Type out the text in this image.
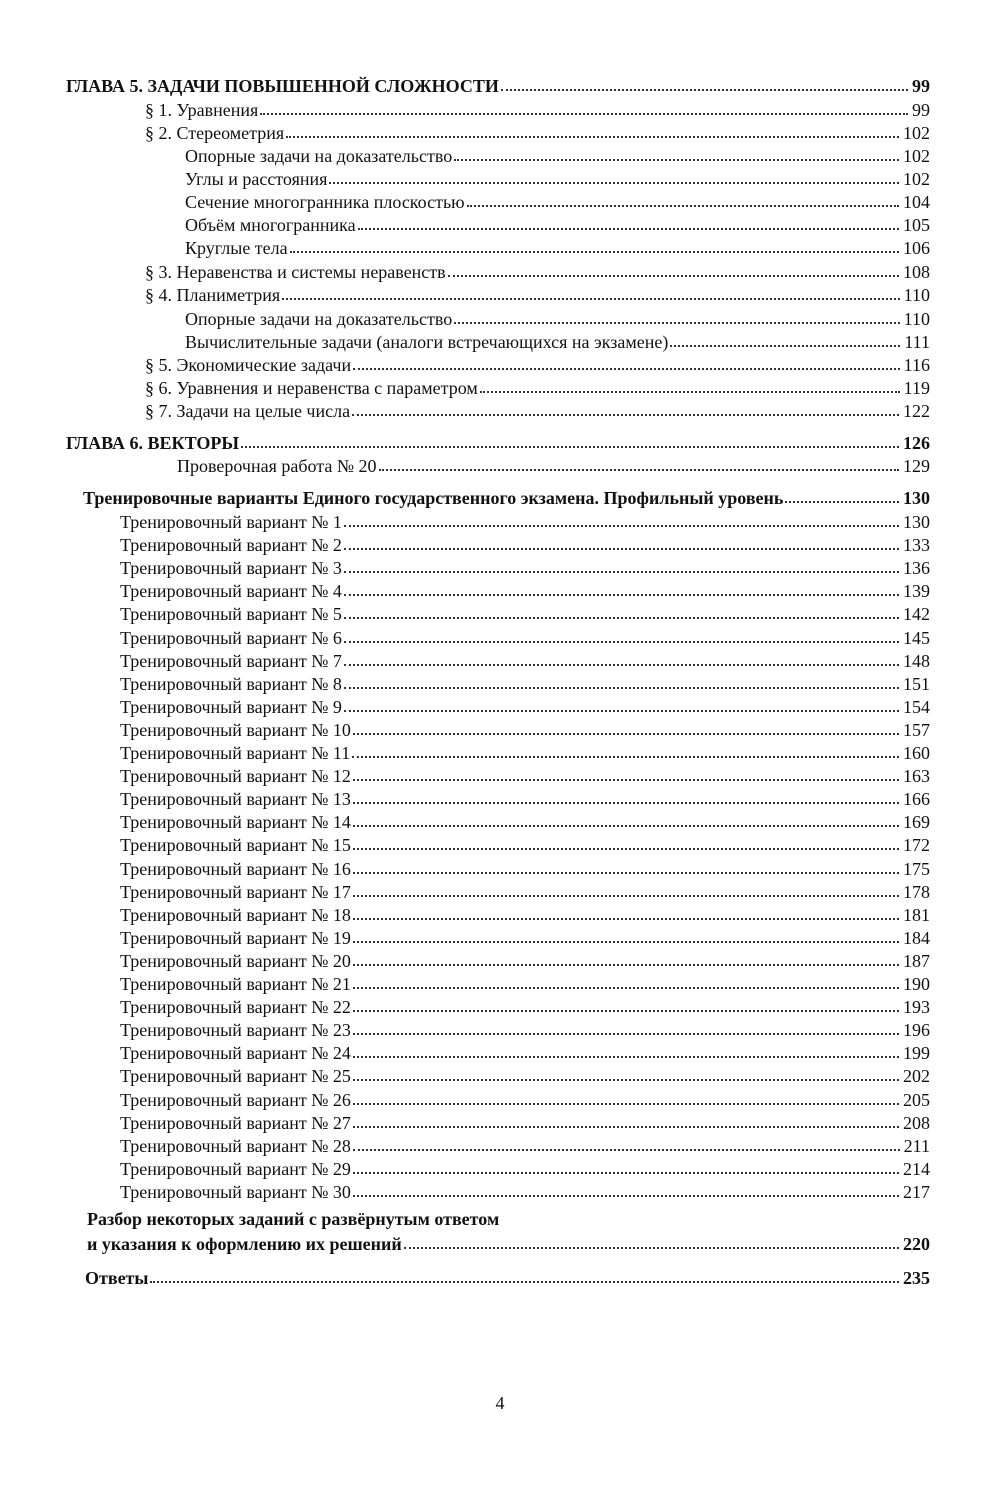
ГЛАВА 5. ЗАДАЧИ ПОВЫШЕННОЙ СЛОЖНОСТИ	99
§ 1. Уравнения	99
§ 2. Стереометрия	102
Опорные задачи на доказательство	102
Углы и расстояния	102
Сечение многогранника плоскостью	104
Объём многогранника	105
Круглые тела	106
§ 3. Неравенства и системы неравенств	108
§ 4. Планиметрия	110
Опорные задачи на доказательство	110
Вычислительные задачи (аналоги встречающихся на экзамене)	111
§ 5. Экономические задачи	116
§ 6. Уравнения и неравенства с параметром	119
§ 7. Задачи на целые числа	122
ГЛАВА 6. ВЕКТОРЫ	126
Проверочная работа № 20	129
Тренировочные варианты Единого государственного экзамена. Профильный уровень	130
Тренировочный вариант № 1	130
Тренировочный вариант № 2	133
Тренировочный вариант № 3	136
Тренировочный вариант № 4	139
Тренировочный вариант № 5	142
Тренировочный вариант № 6	145
Тренировочный вариант № 7	148
Тренировочный вариант № 8	151
Тренировочный вариант № 9	154
Тренировочный вариант № 10	157
Тренировочный вариант № 11	160
Тренировочный вариант № 12	163
Тренировочный вариант № 13	166
Тренировочный вариант № 14	169
Тренировочный вариант № 15	172
Тренировочный вариант № 16	175
Тренировочный вариант № 17	178
Тренировочный вариант № 18	181
Тренировочный вариант № 19	184
Тренировочный вариант № 20	187
Тренировочный вариант № 21	190
Тренировочный вариант № 22	193
Тренировочный вариант № 23	196
Тренировочный вариант № 24	199
Тренировочный вариант № 25	202
Тренировочный вариант № 26	205
Тренировочный вариант № 27	208
Тренировочный вариант № 28	211
Тренировочный вариант № 29	214
Тренировочный вариант № 30	217
Разбор некоторых заданий с развёрнутым ответом
и указания к оформлению их решений	220
Ответы	235
4
